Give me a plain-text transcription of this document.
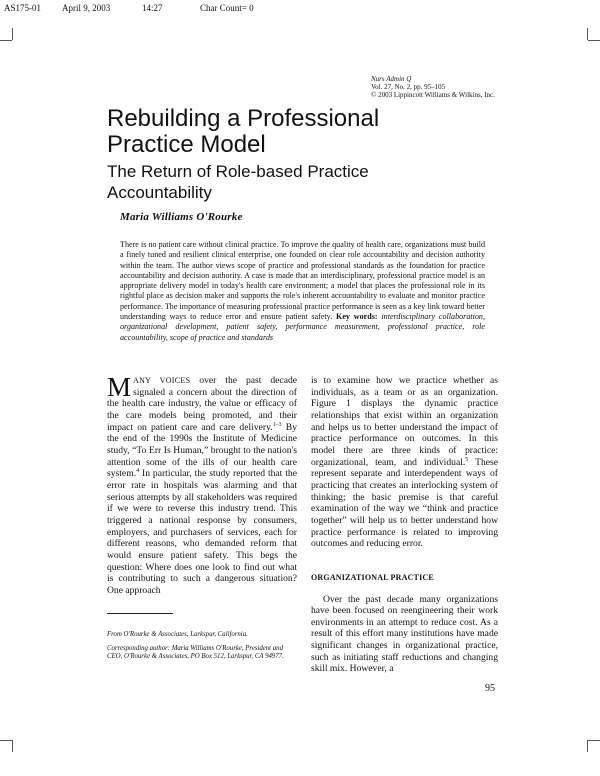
AS175-01 April 9, 2003	14:27	Char Count= 0
Nurs Admin Q
Vol. 27, No. 2, pp. 95–105
© 2003 Lippincott Williams & Wilkins, Inc.
Rebuilding a Professional Practice Model
The Return of Role-based Practice Accountability
Maria Williams O'Rourke
There is no patient care without clinical practice. To improve the quality of health care, organizations must build a finely tuned and resilient clinical enterprise, one founded on clear role accountability and decision authority within the team. The author views scope of practice and professional standards as the foundation for practice accountability and decision authority. A case is made that an interdisciplinary, professional practice model is an appropriate delivery model in today's health care environment; a model that places the professional role in its rightful place as decision maker and supports the role's inherent accountability to evaluate and monitor practice performance. The importance of measuring professional practice performance is seen as a key link toward better understanding ways to reduce error and ensure patient safety. Key words: interdisciplinary collaboration, organizational development, patient safety, performance measurement, professional practice, role accountability, scope of practice and standards
MANY VOICES over the past decade signaled a concern about the direction of the health care industry, the value or efficacy of the care models being promoted, and their impact on patient care and care delivery.$^{1-3}$ By the end of the 1990s the Institute of Medicine study, “To Err Is Human,” brought to the nation's attention some of the ills of our health care system.$^4$ In particular, the study reported that the error rate in hospitals was alarming and that serious attempts by all stakeholders was required if we were to reverse this industry trend. This triggered a national response by consumers, employers, and purchasers of services, each for different reasons, who demanded reform that would ensure patient safety. This begs the question: Where does one look to find out what is contributing to such a dangerous situation? One approach
is to examine how we practice whether as individuals, as a team or as an organization. Figure 1 displays the dynamic practice relationships that exist within an organization and helps us to better understand the impact of practice performance on outcomes. In this model there are three kinds of practice: organizational, team, and individual.$^5$ These represent separate and interdependent ways of practicing that creates an interlocking system of thinking; the basic premise is that careful examination of the way we “think and practice together” will help us to better understand how practice performance is related to improving outcomes and reducing error.
ORGANIZATIONAL PRACTICE
Over the past decade many organizations have been focused on reengineering their work environments in an attempt to reduce cost. As a result of this effort many institutions have made significant changes in organizational practice, such as initiating staff reductions and changing skill mix. However, a
From O'Rourke & Associates, Larkspur, California.
Corresponding author: Maria Williams O'Rourke, President and CEO, O'Rourke & Associates, PO Box 512, Larkspur, CA 94977.
95
